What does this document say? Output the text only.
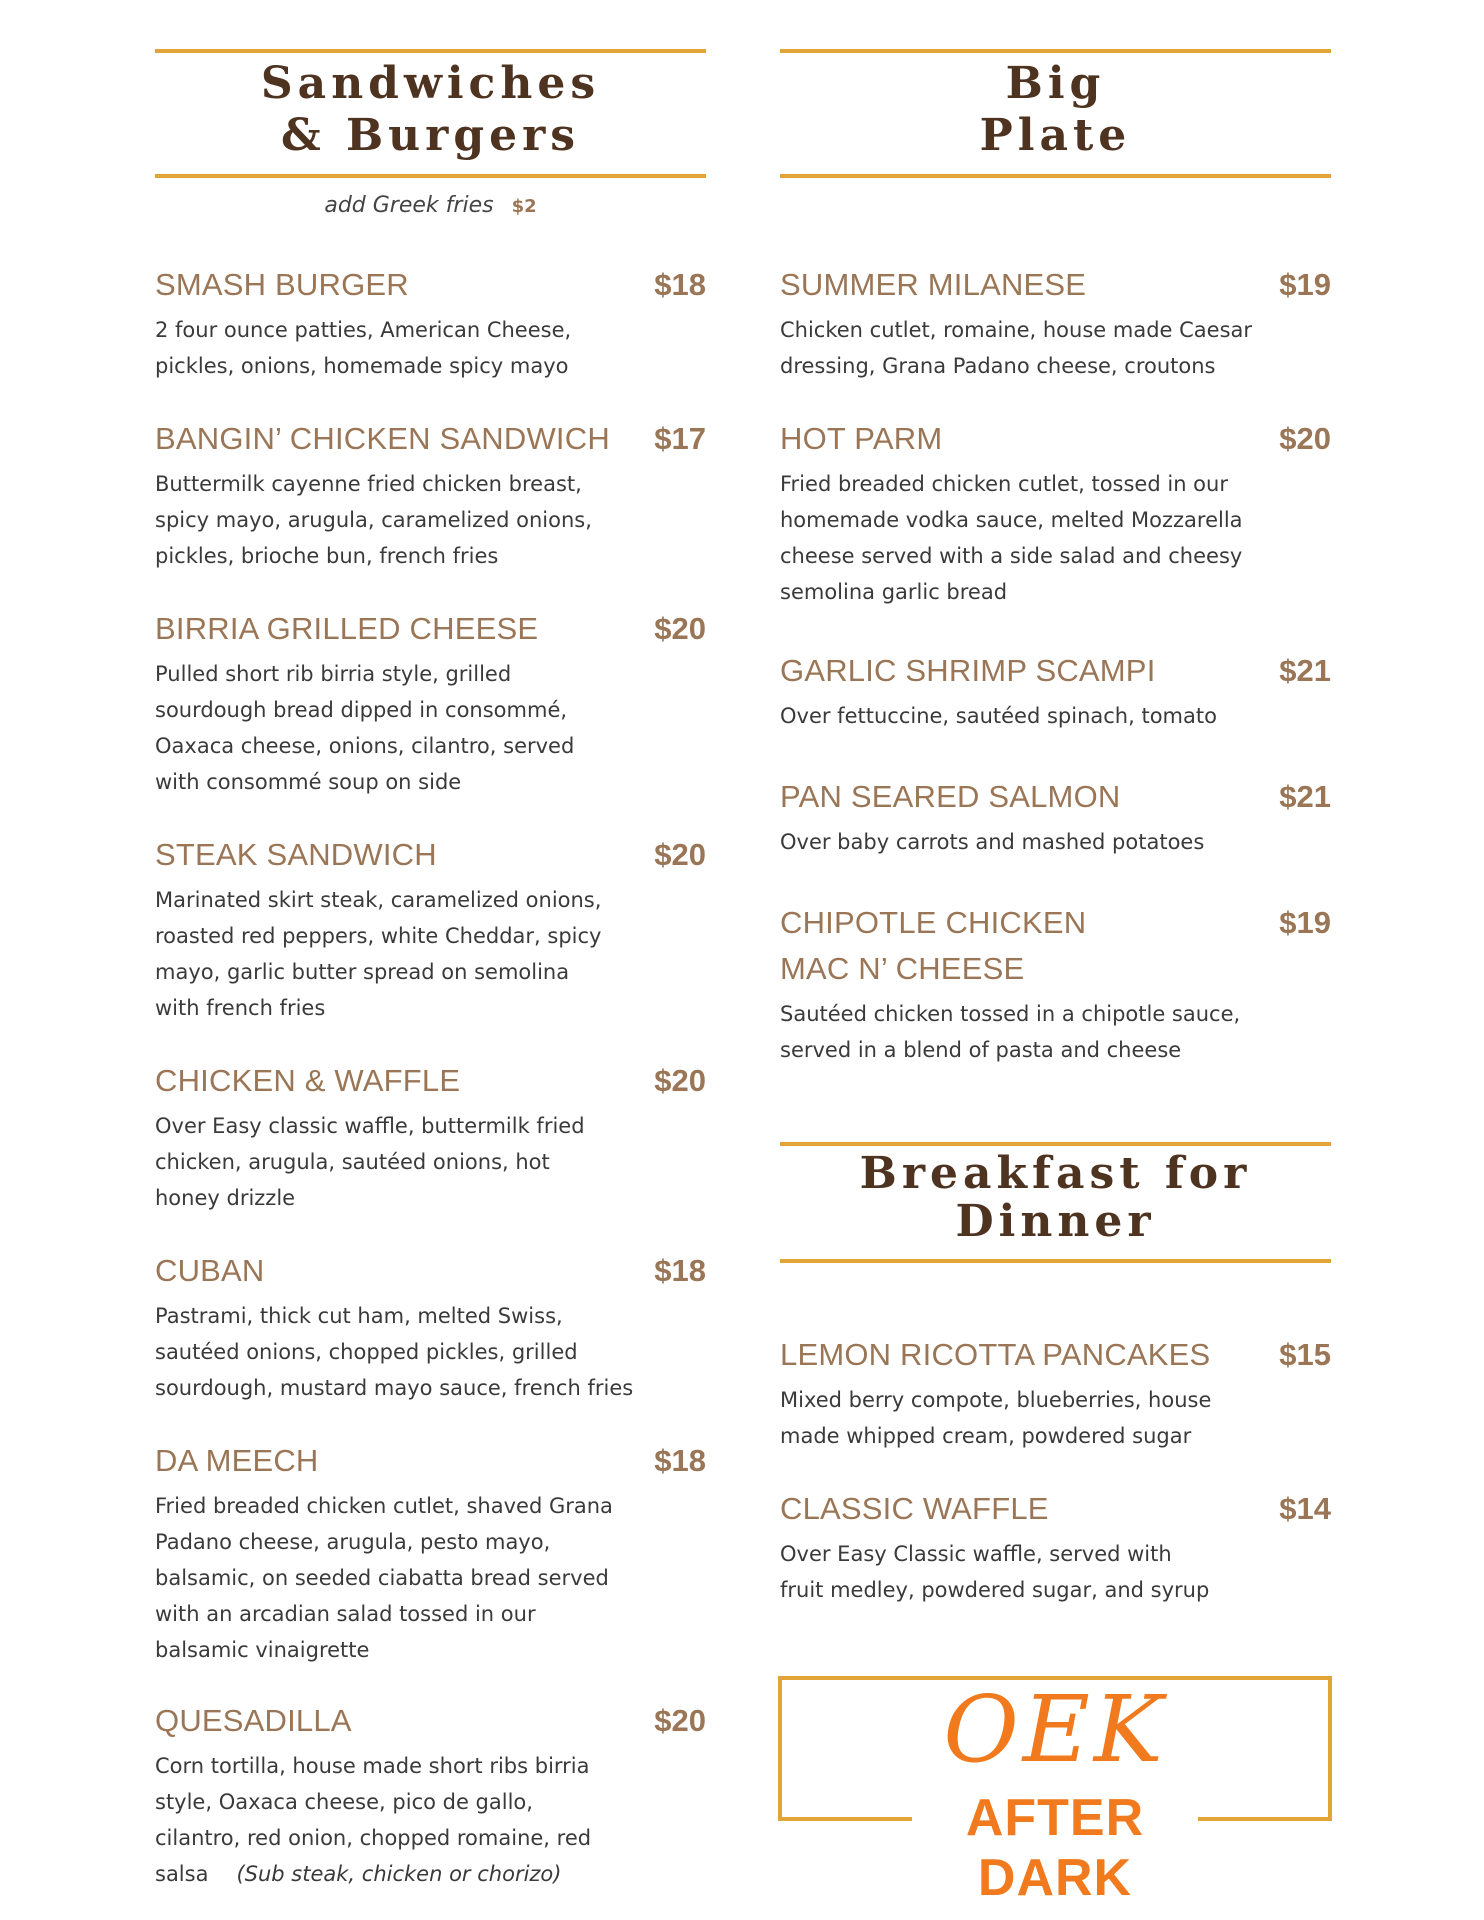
Sandwiches
& Burgers
add Greek fries $2
SMASH BURGER	$18
2 four ounce patties, American Cheese,
pickles, onions, homemade spicy mayo
BANGIN’ CHICKEN SANDWICH $17
Buttermilk cayenne fried chicken breast,
spicy mayo, arugula, caramelized onions,
pickles, brioche bun, french fries
BIRRIA GRILLED CHEESE	$20
Pulled short rib birria style, grilled
sourdough bread dipped in consommé,
Oaxaca cheese, onions, cilantro, served
with consommé soup on side
STEAK SANDWICH	$20
Marinated skirt steak, caramelized onions,
roasted red peppers, white Cheddar, spicy
mayo, garlic butter spread on semolina
with french fries
CHICKEN & WAFFLE	$20
Over Easy classic waffle, buttermilk fried
chicken, arugula, sautéed onions, hot
honey drizzle
CUBAN	$18
Pastrami, thick cut ham, melted Swiss,
sautéed onions, chopped pickles, grilled
sourdough, mustard mayo sauce, french fries
DA MEECH	$18
Fried breaded chicken cutlet, shaved Grana
Padano cheese, arugula, pesto mayo,
balsamic, on seeded ciabatta bread served
with an arcadian salad tossed in our
balsamic vinaigrette
QUESADILLA	$20
Corn tortilla, house made short ribs birria
style, Oaxaca cheese, pico de gallo,
cilantro, red onion, chopped romaine, red
salsa (Sub steak, chicken or chorizo)
Big
Plate
SUMMER MILANESE	$19
Chicken cutlet, romaine, house made Caesar
dressing, Grana Padano cheese, croutons
HOT PARM	$20
Fried breaded chicken cutlet, tossed in our
homemade vodka sauce, melted Mozzarella
cheese served with a side salad and cheesy
semolina garlic bread
GARLIC SHRIMP SCAMPI	$21
Over fettuccine, sautéed spinach, tomato
PAN SEARED SALMON	$21
Over baby carrots and mashed potatoes
CHIPOTLE CHICKEN
MAC N’ CHEESE
$19
Sautéed chicken tossed in a chipotle sauce,
served in a blend of pasta and cheese
Breakfast for
Dinner
LEMON RICOTTA PANCAKES $15
Mixed berry compote, blueberries, house
made whipped cream, powdered sugar
CLASSIC WAFFLE	$14
Over Easy Classic waffle, served with
fruit medley, powdered sugar, and syrup
OEK
AFTER DARK
